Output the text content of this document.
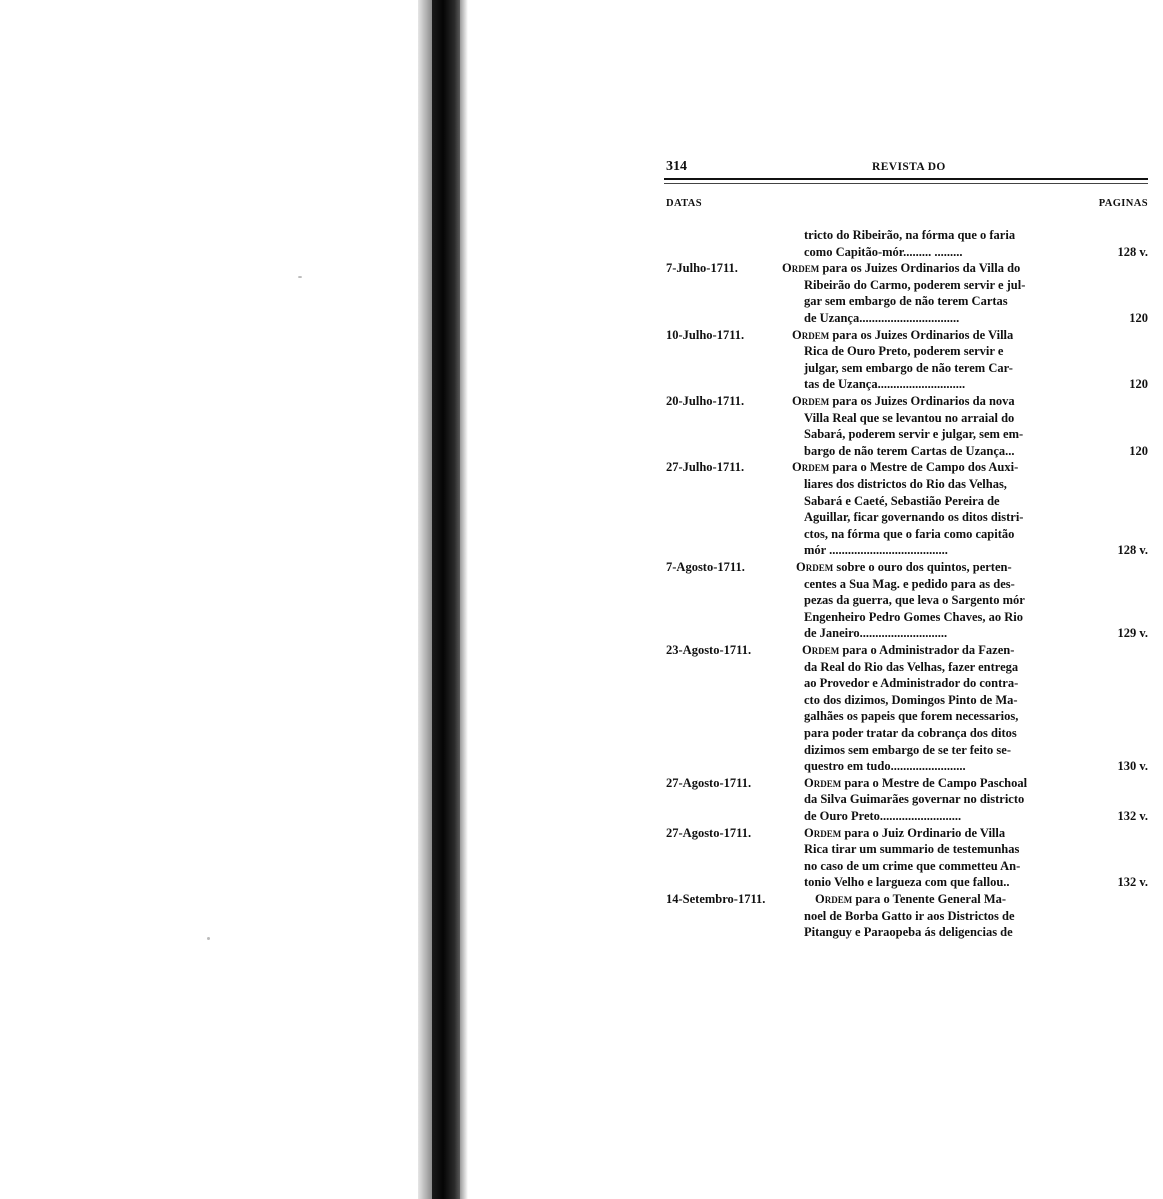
314	REVISTA DO
DATAS	PAGINAS
tricto do Ribeirão, na fórma que o faria
como Capitão-mór......... .........	128 v.
7-Julho-1711.	Ordem para os Juizes Ordinarios da Villa do
Ribeirão do Carmo, poderem servir e jul-
gar sem embargo de não terem Cartas
de Uzança................................	120
10-Julho-1711.	Ordem para os Juizes Ordinarios de Villa
Rica de Ouro Preto, poderem servir e
julgar, sem embargo de não terem Car-
tas de Uzança............................	120
20-Julho-1711.	Ordem para os Juizes Ordinarios da nova
Villa Real que se levantou no arraial do
Sabará, poderem servir e julgar, sem em-
bargo de não terem Cartas de Uzança...	120
27-Julho-1711.	Ordem para o Mestre de Campo dos Auxi-
liares dos districtos do Rio das Velhas,
Sabará e Caeté, Sebastião Pereira de
Aguillar, ficar governando os ditos distri-
ctos, na fórma que o faria como capitão
mór ......................................	128 v.
7-Agosto-1711.	Ordem sobre o ouro dos quintos, perten-
centes a Sua Mag. e pedido para as des-
pezas da guerra, que leva o Sargento mór
Engenheiro Pedro Gomes Chaves, ao Rio
de Janeiro............................	129 v.
23-Agosto-1711.	Ordem para o Administrador da Fazen-
da Real do Rio das Velhas, fazer entrega
ao Provedor e Administrador do contra-
cto dos dizimos, Domingos Pinto de Ma-
galhães os papeis que forem necessarios,
para poder tratar da cobrança dos ditos
dizimos sem embargo de se ter feito se-
questro em tudo........................	130 v.
27-Agosto-1711.	Ordem para o Mestre de Campo Paschoal
da Silva Guimarães governar no districto
de Ouro Preto..........................	132 v.
27-Agosto-1711.	Ordem para o Juiz Ordinario de Villa
Rica tirar um summario de testemunhas
no caso de um crime que commetteu An-
tonio Velho e largueza com que fallou..	132 v.
14-Setembro-1711.	Ordem para o Tenente General Ma-
noel de Borba Gatto ir aos Districtos de
Pitanguy e Paraopeba ás deligencias de
